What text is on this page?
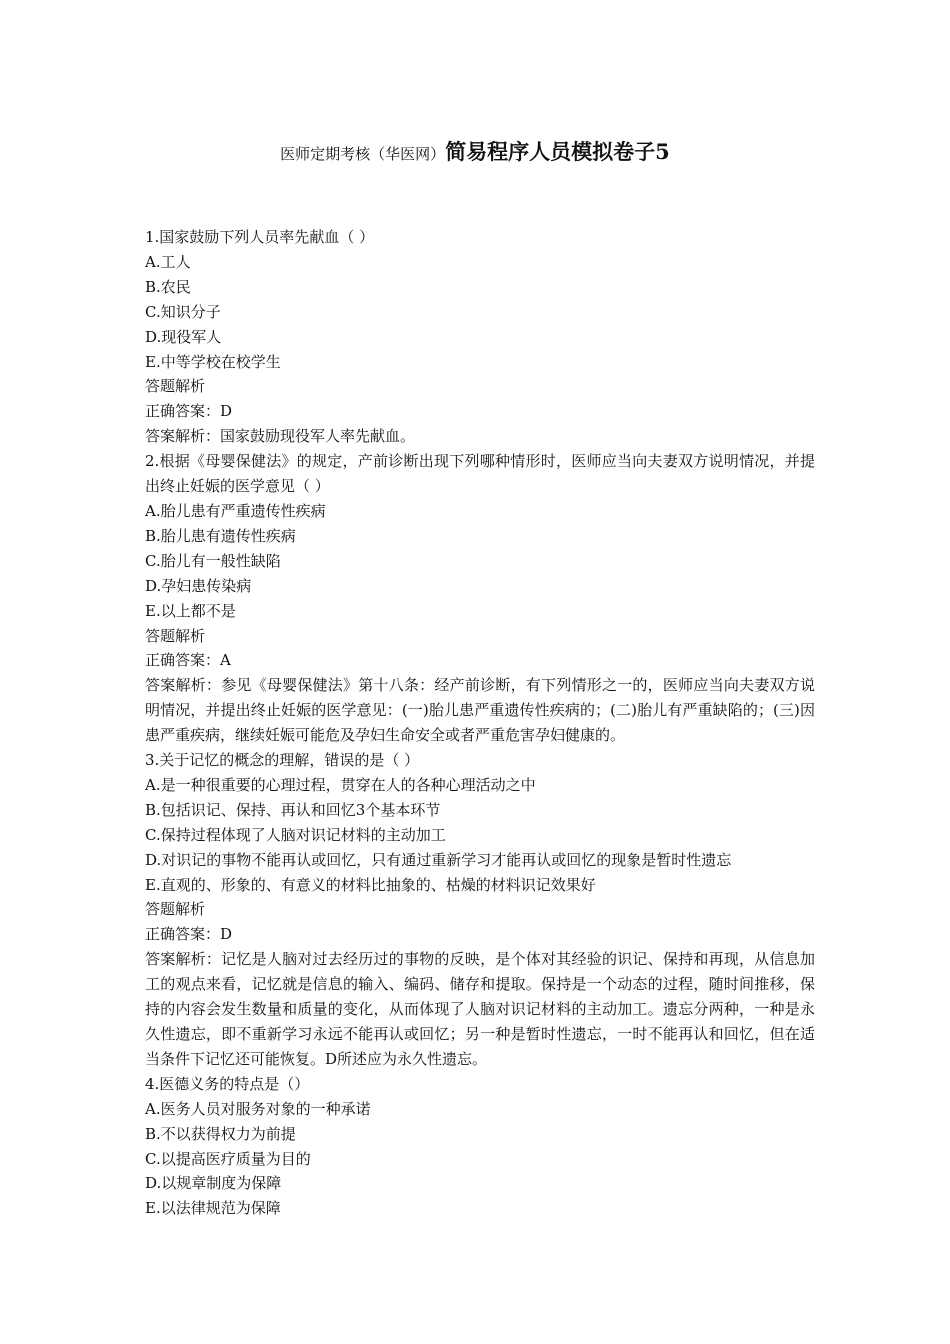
医师定期考核（华医网）简易程序人员模拟卷子5
1.国家鼓励下列人员率先献血（ ）
A.工人
B.农民
C.知识分子
D.现役军人
E.中等学校在校学生
答题解析
正确答案：D
答案解析：国家鼓励现役军人率先献血。
2.根据《母婴保健法》的规定，产前诊断出现下列哪种情形时，医师应当向夫妻双方说明情况，并提出终止妊娠的医学意见（ ）
A.胎儿患有严重遗传性疾病
B.胎儿患有遗传性疾病
C.胎儿有一般性缺陷
D.孕妇患传染病
E.以上都不是
答题解析
正确答案：A
答案解析：参见《母婴保健法》第十八条：经产前诊断，有下列情形之一的，医师应当向夫妻双方说明情况，并提出终止妊娠的医学意见：(一)胎儿患严重遗传性疾病的；(二)胎儿有严重缺陷的；(三)因患严重疾病，继续妊娠可能危及孕妇生命安全或者严重危害孕妇健康的。
3.关于记忆的概念的理解，错误的是（ ）
A.是一种很重要的心理过程，贯穿在人的各种心理活动之中
B.包括识记、保持、再认和回忆3个基本环节
C.保持过程体现了人脑对识记材料的主动加工
D.对识记的事物不能再认或回忆，只有通过重新学习才能再认或回忆的现象是暂时性遗忘
E.直观的、形象的、有意义的材料比抽象的、枯燥的材料识记效果好
答题解析
正确答案：D
答案解析：记忆是人脑对过去经历过的事物的反映，是个体对其经验的识记、保持和再现，从信息加工的观点来看，记忆就是信息的输入、编码、储存和提取。保持是一个动态的过程，随时间推移，保持的内容会发生数量和质量的变化，从而体现了人脑对识记材料的主动加工。遗忘分两种，一种是永久性遗忘，即不重新学习永远不能再认或回忆；另一种是暂时性遗忘，一时不能再认和回忆，但在适当条件下记忆还可能恢复。D所述应为永久性遗忘。
4.医德义务的特点是（）
A.医务人员对服务对象的一种承诺
B.不以获得权力为前提
C.以提高医疗质量为目的
D.以规章制度为保障
E.以法律规范为保障
